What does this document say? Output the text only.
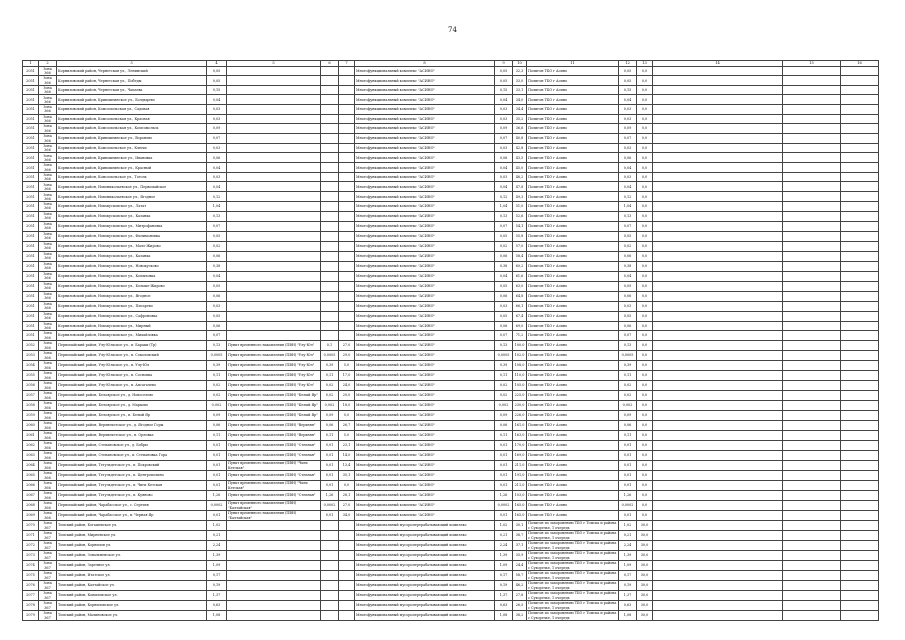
74
1	2	3	4	5	6	7	8	9	10	11	12	13	14	15	16
2051	Зона 366	Корниловский район, Чернетская ул., Ленинский	0,05				Многофункциональный комплекс "АСИНО"	0,05	32,3	Полигон ТБО г Асино	0,05	0,0			
2051	Зона 366	Корниловский район, Чернетская ул., Победы	0,05				Многофункциональный комплекс "АСИНО"	0,05	33,0	Полигон ТБО г Асино	0,05	0,0			
2051	Зона 366	Корниловский район, Чернетская ул., Чапаева	0,15				Многофункциональный комплекс "АСИНО"	0,15	33,1	Полигон ТБО г Асино	0,15	0,0			
2051	Зона 366	Корниловский район, Кривошеинское ул., Болдырево	0,04				Многофункциональный комплекс "АСИНО"	0,04	34,0	Полигон ТБО г Асино	0,04	0,0			
2051	Зона 366	Корниловский район, Комсомольская ул., Садовая	0,03				Многофункциональный комплекс "АСИНО"	0,03	34,4	Полигон ТБО г Асино	0,03	0,0			
2051	Зона 366	Корниловский район, Комсомольская ул., Красная	0,03				Многофункциональный комплекс "АСИНО"	0,03	35,2	Полигон ТБО г Асино	0,03	0,0			
2051	Зона 366	Корниловский район, Комсомольская ул., Комсомольск	0,09				Многофункциональный комплекс "АСИНО"	0,09	36,6	Полигон ТБО г Асино	0,09	0,0			
2051	Зона 366	Корниловский район, Кривошеинское ул., Вороново	0,07				Многофункциональный комплекс "АСИНО"	0,07	40,8	Полигон ТБО г Асино	0,07	0,0			
2051	Зона 366	Корниловский район, Комсомольское ул., Ключи	0,03				Многофункциональный комплекс "АСИНО"	0,03	42,8	Полигон ТБО г Асино	0,03	0,0			
2051	Зона 366	Корниловский район, Кривошеинское ул., Ивановка	0,06				Многофункциональный комплекс "АСИНО"	0,06	43,5	Полигон ТБО г Асино	0,06	0,0			
2051	Зона 366	Корниловский район, Кривошеинское ул., Красный	0,04				Многофункциональный комплекс "АСИНО"	0,04	45,0	Полигон ТБО г Асино	0,04	0,0			
2051	Зона 366	Корниловский район, Комсомольское ул., Тоголь	0,03				Многофункциональный комплекс "АСИНО"	0,03	46,2	Полигон ТБО г Асино	0,03	0,0			
2051	Зона 366	Корниловский район, Новониколаевское ул., Первомайское	0,04				Многофункциональный комплекс "АСИНО"	0,04	47,8	Полигон ТБО г Асино	0,04	0,0			
2051	Зона 366	Корниловский район, Новониколаевское ул., Ягодное	0,12				Многофункциональный комплекс "АСИНО"	0,12	49,3	Полигон ТБО г Асино	0,12	0,0			
2051	Зона 366	Корниловский район, Новокусковское ул., Латат	1,04				Многофункциональный комплекс "АСИНО"	1,04	51,0	Полигон ТБО г Асино	1,04	0,0			
2051	Зона 366	Корниловский район, Новокусковское ул., Казанка	0,13				Многофункциональный комплекс "АСИНО"	0,13	52,6	Полигон ТБО г Асино	0,13	0,0			
2051	Зона 366	Корниловский район, Новокусковское ул., Митрофановка	0,07				Многофункциональный комплекс "АСИНО"	0,07	54,1	Полигон ТБО г Асино	0,07	0,0			
2051	Зона 366	Корниловский район, Новокусковское ул., Филимоновка	0,05				Многофункциональный комплекс "АСИНО"	0,05	55,8	Полигон ТБО г Асино	0,05	0,0			
2051	Зона 366	Корниловский район, Новокусковское ул., Мало-Жирово	0,02				Многофункциональный комплекс "АСИНО"	0,02	57,0	Полигон ТБО г Асино	0,02	0,0			
2051	Зона 366	Корниловский район, Новокусковское ул., Казанка	0,06				Многофункциональный комплекс "АСИНО"	0,06	58,4	Полигон ТБО г Асино	0,06	0,0			
2051	Зона 366	Корниловский район, Новокусковское ул., Новокусково	0,38				Многофункциональный комплекс "АСИНО"	0,38	60,2	Полигон ТБО г Асино	0,38	0,0			
2051	Зона 366	Корниловский район, Новокусковское ул., Копыловка	0,04				Многофункциональный комплекс "АСИНО"	0,04	61,6	Полигон ТБО г Асино	0,04	0,0			
2051	Зона 366	Корниловский район, Новокусковское ул., Больше-Жирово	0,05				Многофункциональный комплекс "АСИНО"	0,05	63,0	Полигон ТБО г Асино	0,05	0,0			
2051	Зона 366	Корниловский район, Новокусковское ул., Ягодное	0,06				Многофункциональный комплекс "АСИНО"	0,06	64,8	Полигон ТБО г Асино	0,06	0,0			
2051	Зона 366	Корниловский район, Новокусковское ул., Писарево	0,03				Многофункциональный комплекс "АСИНО"	0,03	66,1	Полигон ТБО г Асино	0,03	0,0			
2051	Зона 366	Корниловский район, Новокусковское ул., Сафроновка	0,05				Многофункциональный комплекс "АСИНО"	0,05	67,4	Полигон ТБО г Асино	0,05	0,0			
2051	Зона 366	Корниловский район, Новокусковское ул., Мирный	0,06				Многофункциональный комплекс "АСИНО"	0,06	69,0	Полигон ТБО г Асино	0,06	0,0			
2051	Зона 366	Корниловский район, Новокусковское ул., Михайловка	0,07				Многофункциональный комплекс "АСИНО"	0,07	71,2	Полигон ТБО г Асино	0,07	0,0			
2052	Зона 366	Первомайский район, Улу-Юльское ул., п. Бараки (Тр)	0,13	Пункт временного накопления (ПВН) "Улу-Юл"	0,1	27,0	Многофункциональный комплекс "АСИНО"	0,13	100,0	Полигон ТБО г Асино	0,13	0,0			
2053	Зона 366	Первомайский район, Улу-Юльское ул., п. Соколовский	0,0005	Пункт временного накопления (ПВН) "Улу-Юл"	0,0005	29,0	Многофункциональный комплекс "АСИНО"	0,0005	102,0	Полигон ТБО г Асино	0,0005	0,0			
2054	Зона 366	Первомайский район, Улу-Юльское ул., п. Улу-Юл	0,39	Пункт временного накопления (ПВН) "Улу-Юл"	0,39	5,0	Многофункциональный комплекс "АСИНО"	0,39	108,0	Полигон ТБО г Асино	0,39	0,0			
2055	Зона 366	Первомайский район, Улу-Юльское ул., п. Сосновка	0,11	Пункт временного накопления (ПВН) "Улу-Юл"	0,11	17,0	Многофункциональный комплекс "АСИНО"	0,11	110,0	Полигон ТБО г Асино	0,11	0,0			
2056	Зона 366	Первомайский район, Улу-Юльское ул., п. Апсагачево	0,02	Пункт временного накопления (ПВН) "Улу-Юл"	0,02	24,0	Многофункциональный комплекс "АСИНО"	0,02	105,0	Полигон ТБО г Асино	0,02	0,0			
2057	Зона 366	Первомайский район, Белоярское ул., д. Новоселово	0,02	Пункт временного накопления (ПВН) "Белый Яр"	0,02	20,0	Многофункциональный комплекс "АСИНО"	0,02	225,0	Полигон ТБО г Асино	0,02	0,0			
2058	Зона 366	Первомайский район, Белоярское ул., д. Марково	0,002	Пункт временного накопления (ПВН) "Белый Яр"	0,002	18,0	Многофункциональный комплекс "АСИНО"	0,002	230,0	Полигон ТБО г Асино	0,002	0,0			
2059	Зона 366	Первомайский район, Белоярское ул., п. Белый Яр	0,09	Пункт временного накопления (ПВН) "Белый Яр"	0,09	0,0	Многофункциональный комплекс "АСИНО"	0,09	226,0	Полигон ТБО г Асино	0,09	0,0			
2060	Зона 366	Первомайский район, Верхнекетское ул., д. Ягодное Горы	0,06	Пункт временного накопления (ПВН) "Верхняя"	0,06	26,7	Многофункциональный комплекс "АСИНО"	0,06	161,0	Полигон ТБО г Асино	0,06	0,0			
2061	Зона 366	Первомайский район, Верхнекетское ул., п. Орловка	0,11	Пункт временного накопления (ПВН) "Верхняя"	0,11	5,0	Многофункциональный комплекс "АСИНО"	0,11	163,0	Полигон ТБО г Асино	0,11	0,0			
2062	Зона 366	Первомайский район, Степановское ул., д. Бобры	0,01	Пункт временного накопления (ПВН) "Степная"	0,01	23,1	Многофункциональный комплекс "АСИНО"	0,01	170,0	Полигон ТБО г Асино	0,01	0,0			
2063	Зона 366	Первомайский район, Степановское ул., п. Степановка Гора	0,01	Пункт временного накопления (ПВН) "Степная"	0,01	14,0	Многофункциональный комплекс "АСИНО"	0,01	169,0	Полигон ТБО г Асино	0,01	0,0			
2064	Зона 366	Первомайский район, Тегульдетское ул., п. Покровский	0,01	Пункт временного накопления (ПВН) "Чиги Кетская"	0,01	13,4	Многофункциональный комплекс "АСИНО"	0,01	211,0	Полигон ТБО г Асино	0,01	0,0			
2065	Зона 366	Первомайский район, Тегульдетское ул., п. Центрополино	0,01	Пункт временного накопления (ПВН) "Степная"	0,01	35,1	Многофункциональный комплекс "АСИНО"	0,01	191,0	Полигон ТБО г Асино	0,01	0,0			
2066	Зона 366	Первомайский район, Тегульдетское ул., п. Чиги Кетская	0,01	Пункт временного накопления (ПВН) "Чиги Кетская"	0,01	0,0	Многофункциональный комплекс "АСИНО"	0,01	211,0	Полигон ТБО г Асино	0,01	0,0			
2067	Зона 366	Первомайский район, Тегульдетское ул., п. Куяново	1,26	Пункт временного накопления (ПВН) "Степная"	1,26	28,1	Многофункциональный комплекс "АСИНО"	1,26	103,0	Полигон ТБО г Асино	1,26	0,0			
2068	Зона 366	Первомайский район, Чарабасское ул., с. Сергиев	0,0002	Пункт временного накопления (ПВН) "Балтайская"	0,0002	27,0	Многофункциональный комплекс "АСИНО"	0,0002	165,0	Полигон ТБО г Асино	0,0002	0,0			
2069	Зона 366	Первомайский район, Чарабасское ул., п. Черная Яр	0,01	Пункт временного накопления (ПВН) "Балтайская"	0,01	34,0	Многофункциональный комплекс "АСИНО"	0,01	165,0	Полигон ТБО г Асино	0,01	0,0			
2070	Зона 367	Томский район, Богашевское ул.	1,02				Многофункциональный мусороперерабатывающий комплекс	1,02	30,1	Полигон по захоронению ТБО г Томска и района с Сухоречье, 1 очередь	1,02	30,0			
2071	Зона 367	Томский район, Мирненское ул.	0,21				Многофункциональный мусороперерабатывающий комплекс	0,21	38,7	Полигон по захоронению ТБО г Томска и района с Сухоречье, 1 очередь	0,21	30,0			
2072	Зона 367	Томский район, Корнилов ул.	2,24				Многофункциональный мусороперерабатывающий комплекс	2,24	37,1	Полигон по захоронению ТБО г Томска и района с Сухоречье, 1 очередь	2,24	30,0			
2073	Зона 367	Томский район, Зональненское ул.	1,39				Многофункциональный мусороперерабатывающий комплекс	1,39	35,9	Полигон по захоронению ТБО г Томска и района с Сухоречье, 1 очередь	1,39	30,0			
2074	Зона 367	Томский район, Заречное ул.	1,09				Многофункциональный мусороперерабатывающий комплекс	1,09	24,4	Полигон по захоронению ТБО г Томска и района с Сухоречье, 1 очередь	1,09	30,0			
2075	Зона 367	Томский район, Итатское ул.	0,17				Многофункциональный мусороперерабатывающий комплекс	0,17	58,7	Полигон по захоронению ТБО г Томска и района с Сухоречье, 1 очередь	0,17	30,0			
2076	Зона 367	Томский район, Калтайское ул.	0,19				Многофункциональный мусороперерабатывающий комплекс	0,19	46,2	Полигон по захоронению ТБО г Томска и района с Сухоречье, 1 очередь	0,19	30,0			
2077	Зона 367	Томский район, Копыловское ул.	1,37				Многофункциональный мусороперерабатывающий комплекс	1,37	27,8	Полигон по захоронению ТБО г Томска и района с Сухоречье, 1 очередь	1,37	30,0			
2078	Зона 367	Томский район, Корниловское ул.	0,63				Многофункциональный мусороперерабатывающий комплекс	0,63	26,5	Полигон по захоронению ТБО г Томска и района с Сухоречье, 1 очередь	0,63	30,0			
2079	Зона 367	Томский район, Малиновское ул.	1,08				Многофункциональный мусороперерабатывающий комплекс	1,08	38,2	Полигон по захоронению ТБО г Томска и района с Сухоречье, 1 очередь	1,08	30,0			
